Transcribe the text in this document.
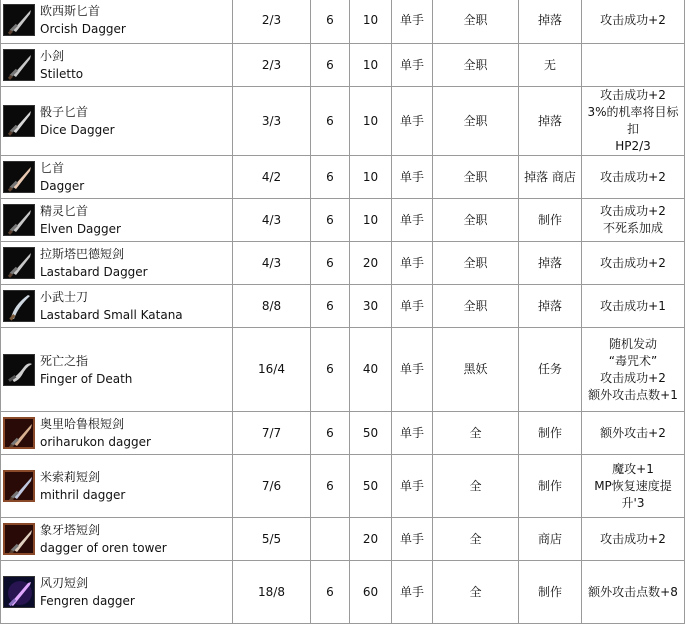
欧西斯匕首
Orcish Dagger	2/3	6	10	单手	全职	掉落	攻击成功+2

小剑
Stiletto	2/3	6	10	单手	全职	无	

骰子匕首
Dice Dagger	3/3	6	10	单手	全职	掉落	攻击成功+2
3%的机率将目标扣
HP2/3

匕首
Dagger	4/2	6	10	单手	全职	掉落 商店	攻击成功+2

精灵匕首
Elven Dagger	4/3	6	10	单手	全职	制作	攻击成功+2
不死系加成

拉斯塔巴德短剑
Lastabard Dagger	4/3	6	20	单手	全职	掉落	攻击成功+2

小武士刀
Lastabard Small Katana	8/8	6	30	单手	全职	掉落	攻击成功+1

死亡之指
Finger of Death	16/4	6	40	单手	黑妖	任务	随机发动
“毒咒术”
攻击成功+2
额外攻击点数+1

奥里哈鲁根短剑
oriharukon dagger	7/7	6	50	单手	全	制作	额外攻击+2

米索莉短剑
mithril dagger	7/6	6	50	单手	全	制作	魔攻+1
MP恢复速度提升'3

象牙塔短剑
dagger of oren tower	5/5		20	单手	全	商店	攻击成功+2

风刃短剑
Fengren dagger	18/8	6	60	单手	全	制作	额外攻击点数+8
